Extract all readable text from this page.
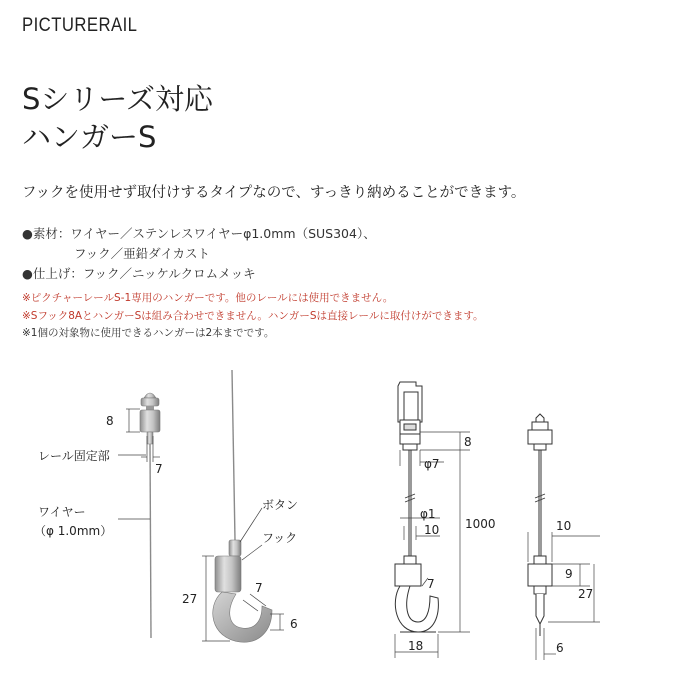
PICTURERAIL
Sシリーズ対応
ハンガーS
フックを使用せず取付けするタイプなので、すっきり納めることができます。
●素材：ワイヤー／ステンレスワイヤーφ1.0mm（SUS304）、
フック／亜鉛ダイカスト
●仕上げ：フック／ニッケルクロムメッキ
※ピクチャーレールS-1専用のハンガーです。他のレールには使用できません。
※Sフック8AとハンガーSは組み合わせできません。ハンガーSは直接レールに取付けができます。
※1個の対象物に使用できるハンガーは2本までです。
8
7
レール固定部
ワイヤー
（φ 1.0mm）
27
7
6
ボタン
フック
8
φ7
φ1
10 1000
7
18
10
9
27
6
